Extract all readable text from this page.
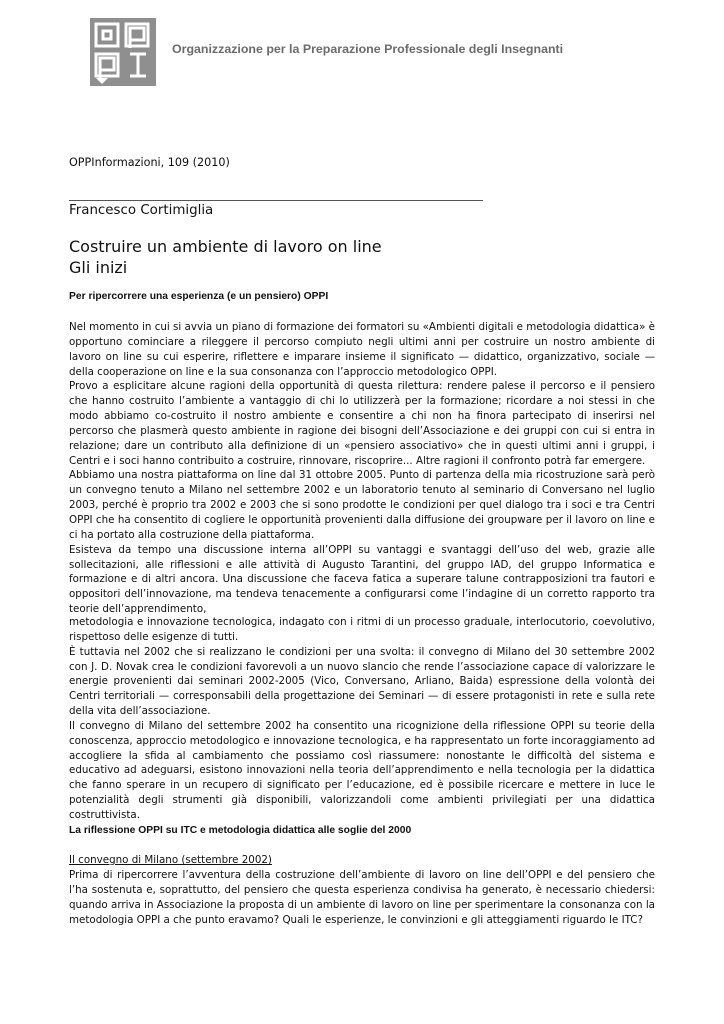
Organizzazione per la Preparazione Professionale degli Insegnanti
OPPInformazioni, 109 (2010)
Francesco Cortimiglia
Costruire un ambiente di lavoro on line
Gli inizi
Per ripercorrere una esperienza (e un pensiero) OPPI

Nel momento in cui si avvia un piano di formazione dei formatori su «Ambienti digitali e metodologia didattica» è opportuno cominciare a rileggere il percorso compiuto negli ultimi anni per costruire un nostro ambiente di lavoro on line su cui esperire, riflettere e imparare insieme il significato — didattico, organizzativo, sociale — della cooperazione on line e la sua consonanza con l’approccio metodologico OPPI.

Provo a esplicitare alcune ragioni della opportunità di questa rilettura: rendere palese il percorso e il pensiero che hanno costruito l’ambiente a vantaggio di chi lo utilizzerà per la formazione; ricordare a noi stessi in che modo abbiamo co-costruito il nostro ambiente e consentire a chi non ha finora partecipato di inserirsi nel percorso che plasmerà questo ambiente in ragione dei bisogni dell’Associazione e dei gruppi con cui si entra in relazione; dare un contributo alla definizione di un «pensiero associativo» che in questi ultimi anni i gruppi, i Centri e i soci hanno contribuito a costruire, rinnovare, riscoprire... Altre ragioni il confronto potrà far emergere.

Abbiamo una nostra piattaforma on line dal 31 ottobre 2005. Punto di partenza della mia ricostruzione sarà però un convegno tenuto a Milano nel settembre 2002 e un laboratorio tenuto al seminario di Conversano nel luglio 2003, perché è proprio tra 2002 e 2003 che si sono prodotte le condizioni per quel dialogo tra i soci e tra Centri OPPI che ha consentito di cogliere le opportunità provenienti dalla diffusione dei groupware per il lavoro on line e ci ha portato alla costruzione della piattaforma.

Esisteva da tempo una discussione interna all’OPPI su vantaggi e svantaggi dell’uso del web, grazie alle sollecitazioni, alle riflessioni e alle attività di Augusto Tarantini, del gruppo IAD, del gruppo Informatica e formazione e di altri ancora. Una discussione che faceva fatica a superare talune contrapposizioni tra fautori e oppositori dell’innovazione, ma tendeva tenacemente a configurarsi come l’indagine di un corretto rapporto tra teorie dell’apprendimento,

metodologia e innovazione tecnologica, indagato con i ritmi di un processo graduale, interlocutorio, coevolutivo, rispettoso delle esigenze di tutti.

È tuttavia nel 2002 che si realizzano le condizioni per una svolta: il convegno di Milano del 30 settembre 2002 con J. D. Novak crea le condizioni favorevoli a un nuovo slancio che rende l’associazione capace di valorizzare le energie provenienti dai seminari 2002-2005 (Vico, Conversano, Arliano, Baida) espressione della volontà dei Centri territoriali — corresponsabili della progettazione dei Seminari — di essere protagonisti in rete e sulla rete della vita dell’associazione.

Il convegno di Milano del settembre 2002 ha consentito una ricognizione della riflessione OPPI su teorie della conoscenza, approccio metodologico e innovazione tecnologica, e ha rappresentato un forte incoraggiamento ad accogliere la sfida al cambiamento che possiamo così riassumere: nonostante le difficoltà del sistema e educativo ad adeguarsi, esistono innovazioni nella teoria dell’apprendimento e nella tecnologia per la didattica che fanno sperare in un recupero di significato per l’educazione, ed è possibile ricercare e mettere in luce le potenzialità degli strumenti già disponibili, valorizzandoli come ambienti privilegiati per una didattica costruttivista.

La riflessione OPPI su ITC e metodologia didattica alle soglie del 2000
Il convegno di Milano (settembre 2002)

Prima di ripercorrere l’avventura della costruzione dell’ambiente di lavoro on line dell’OPPI e del pensiero che l’ha sostenuta e, soprattutto, del pensiero che questa esperienza condivisa ha generato, è necessario chiedersi: quando arriva in Associazione la proposta di un ambiente di lavoro on line per sperimentare la consonanza con la metodologia OPPI a che punto eravamo? Quali le esperienze, le convinzioni e gli atteggiamenti riguardo le ITC?
